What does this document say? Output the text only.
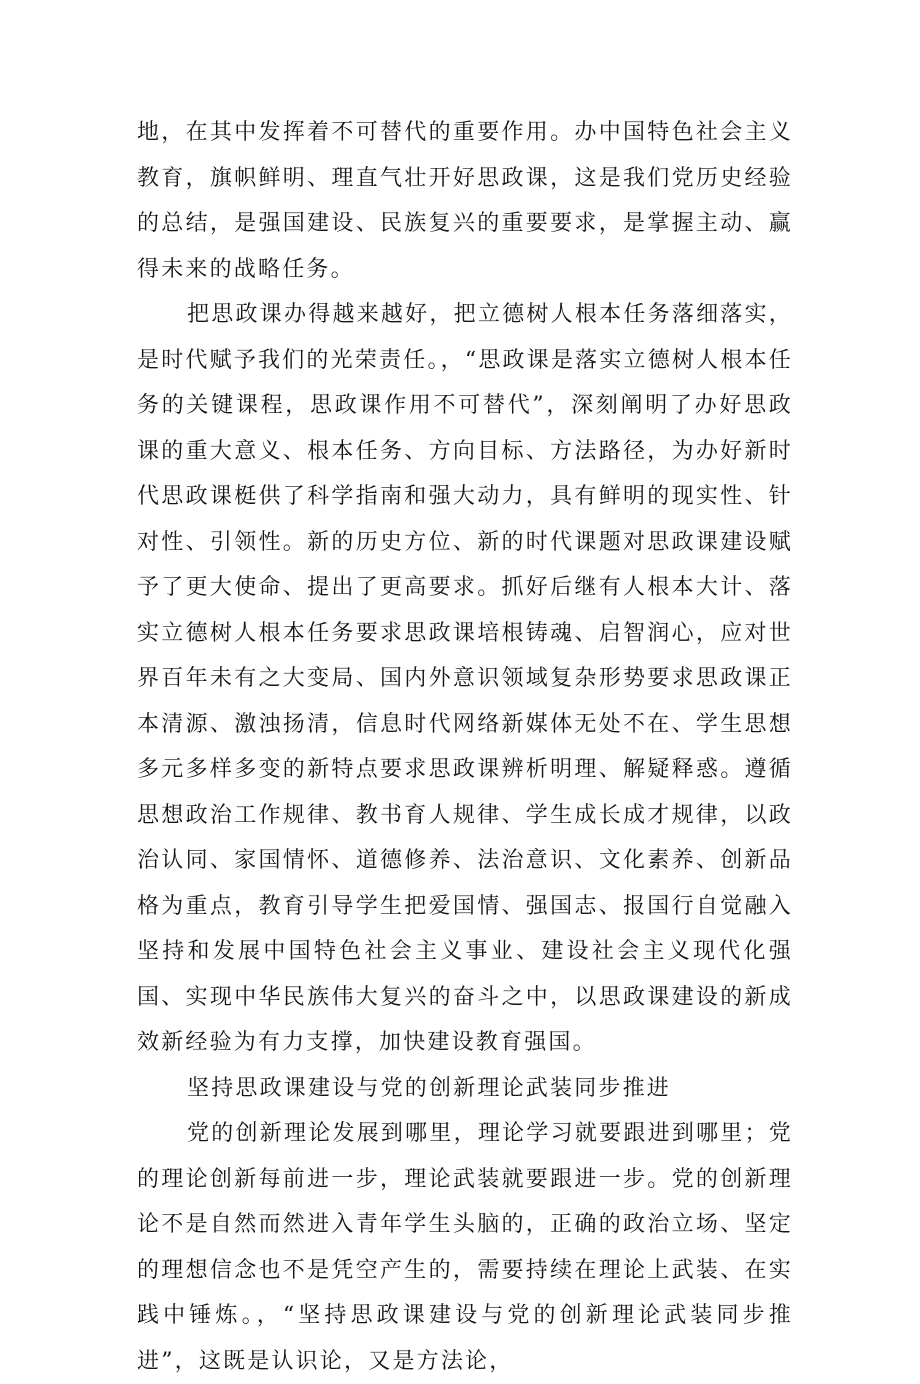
地，在其中发挥着不可替代的重要作用。办中国特色社会主义教育，旗帜鲜明、理直气壮开好思政课，这是我们党历史经验的总结，是强国建设、民族复兴的重要要求，是掌握主动、赢得未来的战略任务。

把思政课办得越来越好，把立德树人根本任务落细落实，是时代赋予我们的光荣责任。，“思政课是落实立德树人根本任务的关键课程，思政课作用不可替代”，深刻阐明了办好思政课的重大意义、根本任务、方向目标、方法路径，为办好新时代思政课梃供了科学指南和强大动力，具有鲜明的现实性、针对性、引领性。新的历史方位、新的时代课题对思政课建设赋予了更大使命、提出了更高要求。抓好后继有人根本大计、落实立德树人根本任务要求思政课培根铸魂、启智润心，应对世界百年未有之大变局、国内外意识领域复杂形势要求思政课正本清源、激浊扬清，信息时代网络新媒体无处不在、学生思想多元多样多变的新特点要求思政课辨析明理、解疑释惑。遵循思想政治工作规律、教书育人规律、学生成长成才规律，以政治认同、家国情怀、道德修养、法治意识、文化素养、创新品格为重点，教育引导学生把爱国情、强国志、报国行自觉融入坚持和发展中国特色社会主义事业、建设社会主义现代化强国、实现中华民族伟大复兴的奋斗之中，以思政课建设的新成效新经验为有力支撑，加快建设教育强国。

坚持思政课建设与党的创新理论武装同步推进

党的创新理论发展到哪里，理论学习就要跟进到哪里；党的理论创新每前进一步，理论武装就要跟进一步。党的创新理论不是自然而然进入青年学生头脑的，正确的政治立场、坚定的理想信念也不是凭空产生的，需要持续在理论上武装、在实践中锤炼。，“坚持思政课建设与党的创新理论武装同步推进”，这既是认识论，又是方法论，
